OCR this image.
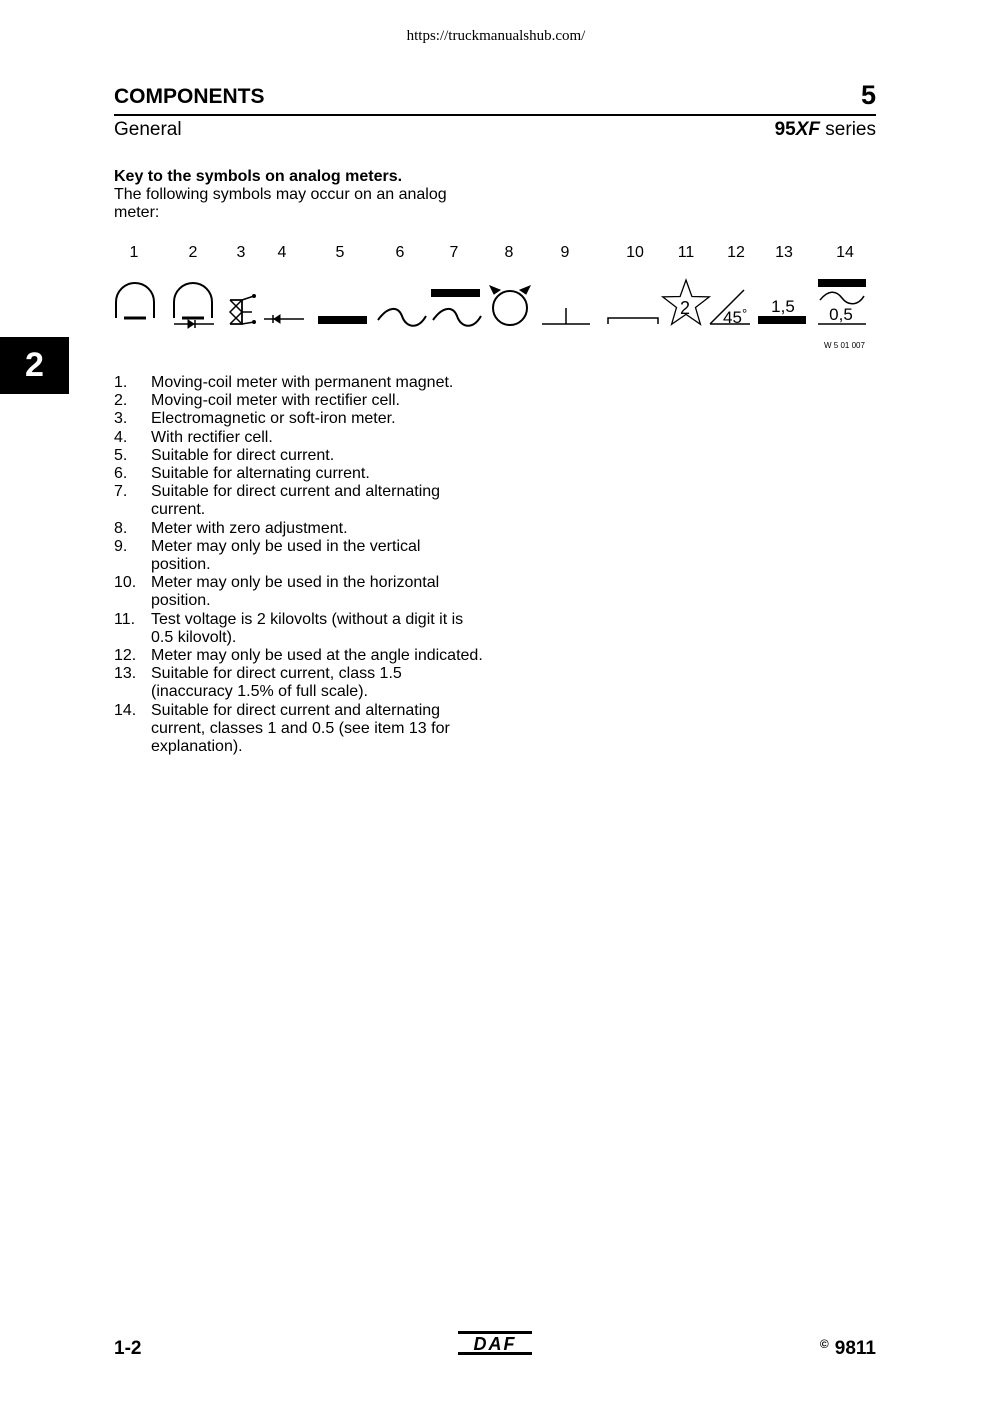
https://truckmanualshub.com/
COMPONENTS	5
General	95XF series
2
Key to the symbols on analog meters.
The following symbols may occur on an analog meter:
1	2 3 4	5	6	7	8	9	10 11 12 13	14
2 45 ° 1,5 0,5
W 5 01 007
1. Moving-coil meter with permanent magnet.
2. Moving-coil meter with rectifier cell.
3. Electromagnetic or soft-iron meter.
4. With rectifier cell.
5. Suitable for direct current.
6. Suitable for alternating current.
7. Suitable for direct current and alternating current.
8. Meter with zero adjustment.
9. Meter may only be used in the vertical position.
10. Meter may only be used in the horizontal position.
11. Test voltage is 2 kilovolts (without a digit it is 0.5 kilovolt).
12. Meter may only be used at the angle indicated.
13. Suitable for direct current, class 1.5 (inaccuracy 1.5% of full scale).
14. Suitable for direct current and alternating current, classes 1 and 0.5 (see item 13 for explanation).
1-2	DAF	© 9811
